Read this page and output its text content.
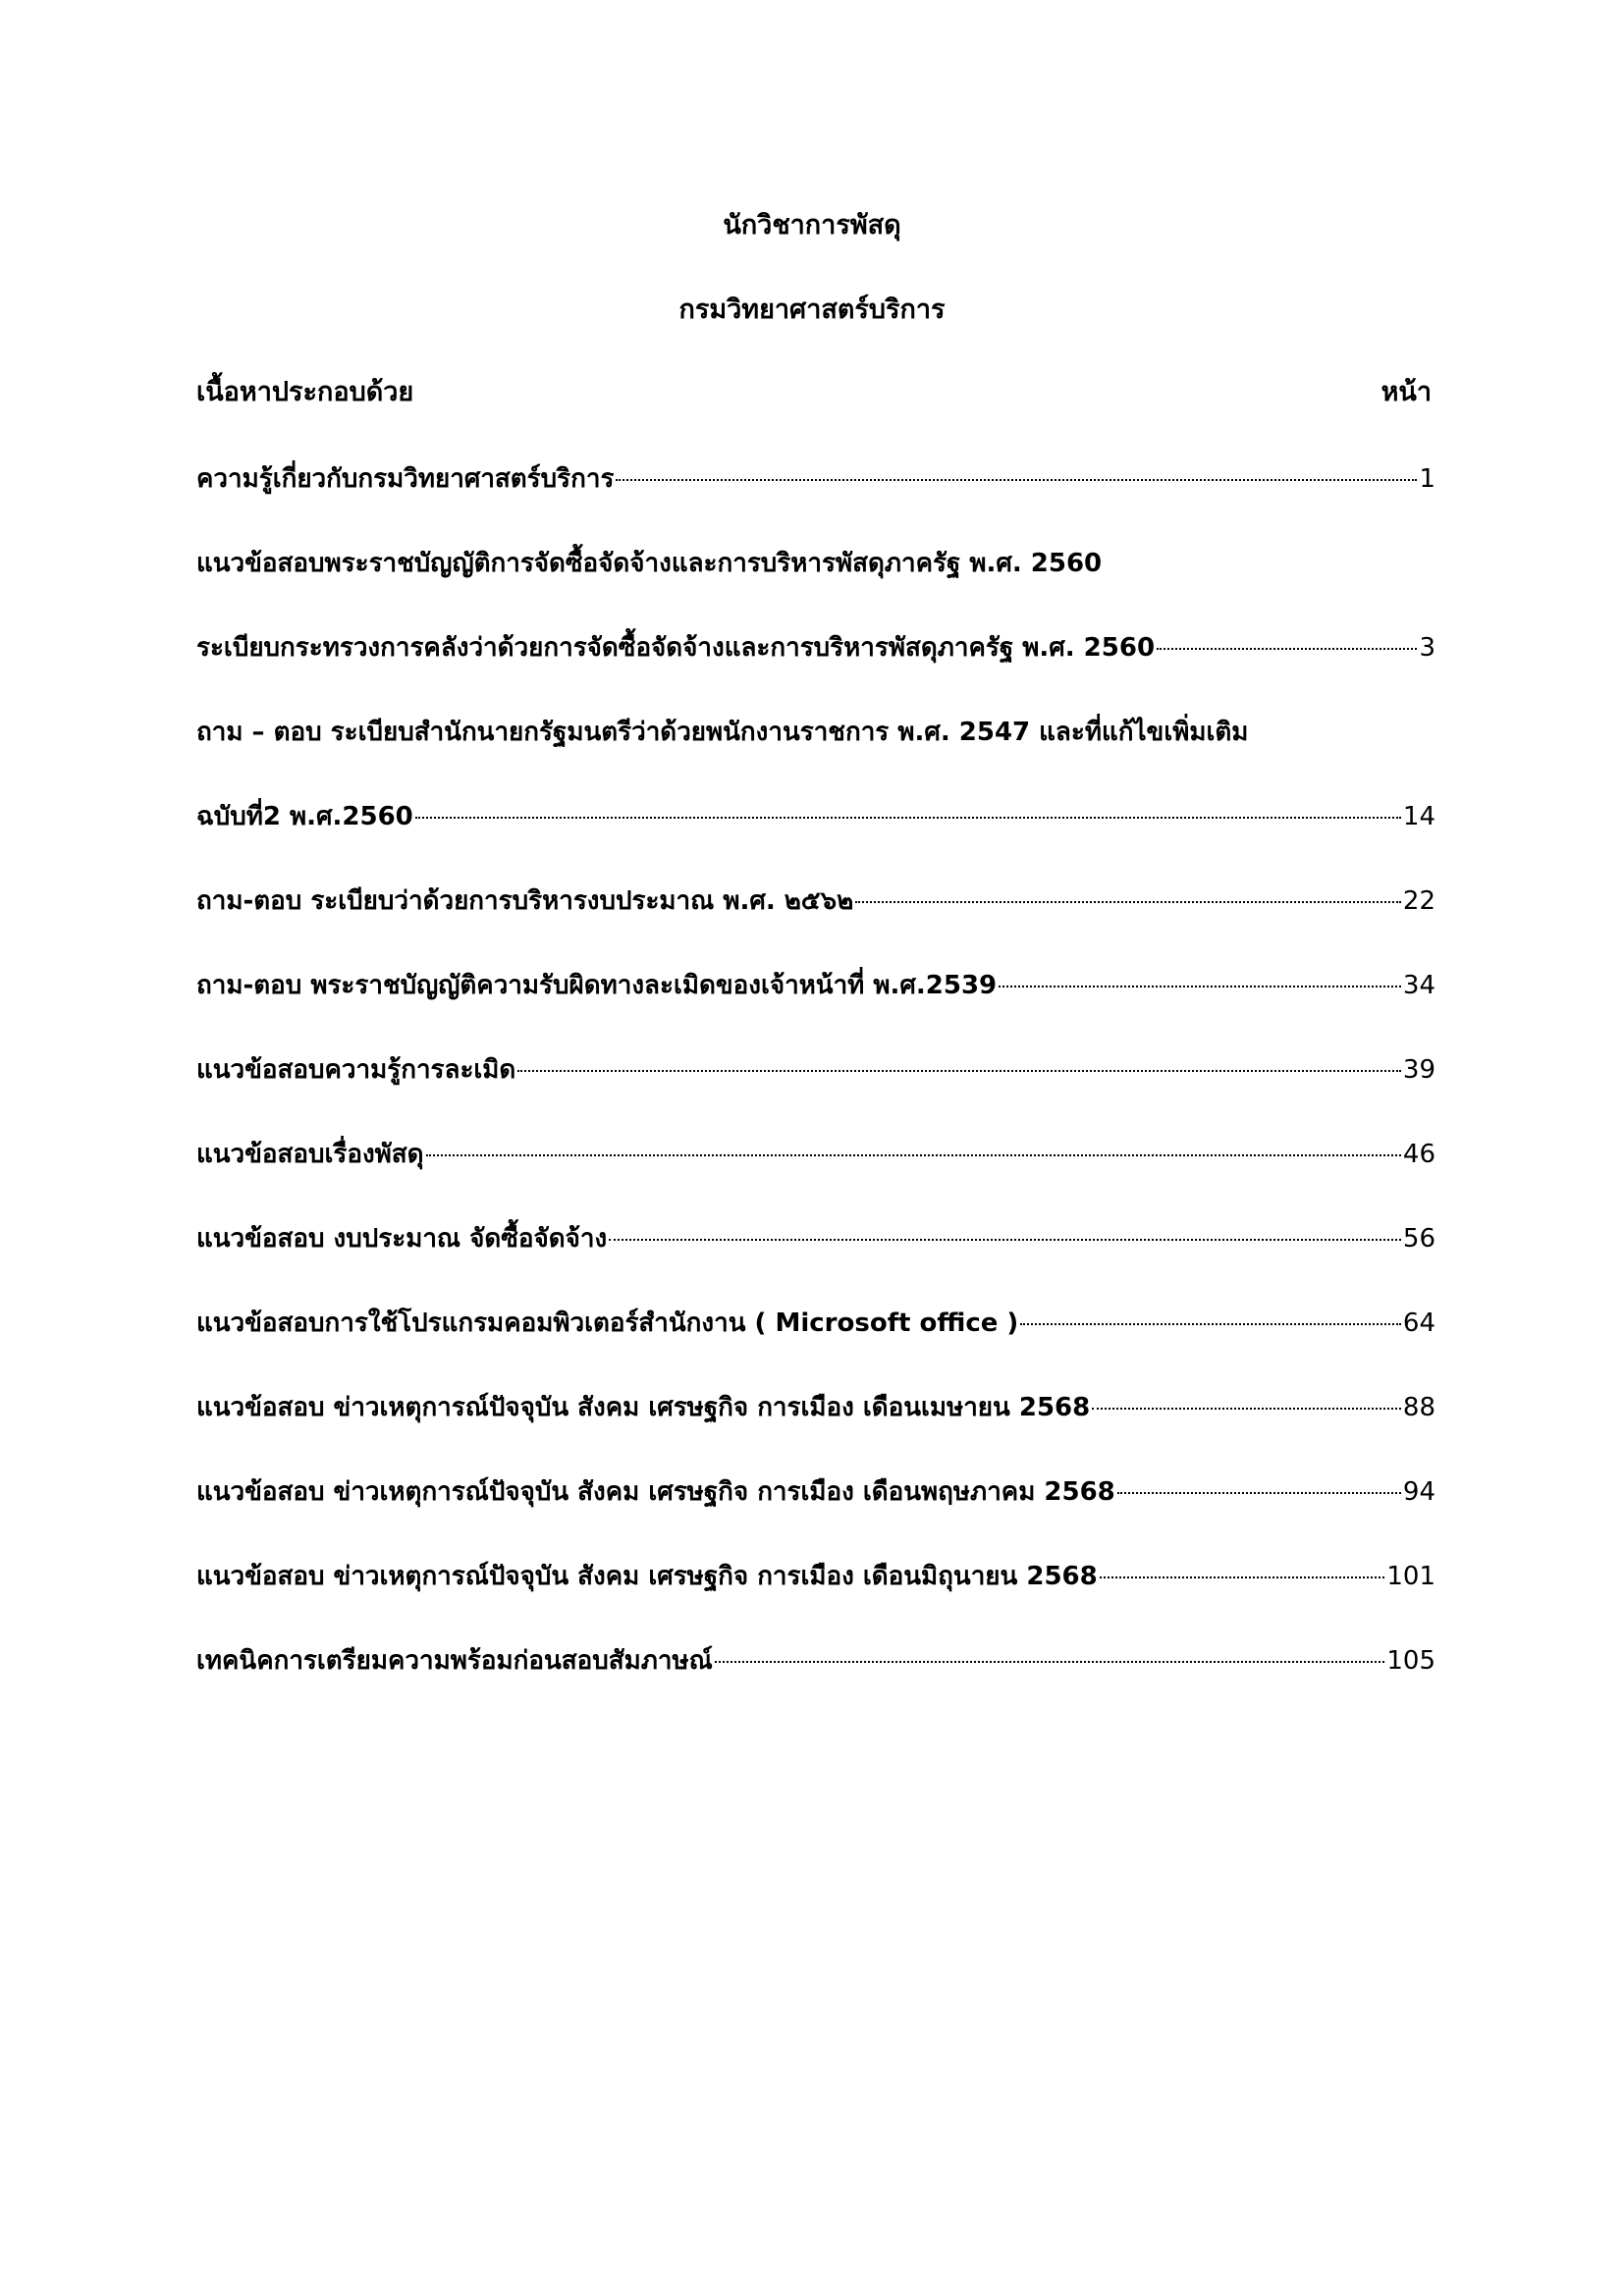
นักวิชาการพัสดุ
กรมวิทยาศาสตร์บริการ
เนื้อหาประกอบด้วย	หน้า
ความรู้เกี่ยวกับกรมวิทยาศาสตร์บริการ	1
แนวข้อสอบพระราชบัญญัติการจัดซื้อจัดจ้างและการบริหารพัสดุภาครัฐ พ.ศ. 2560
ระเบียบกระทรวงการคลังว่าด้วยการจัดซื้อจัดจ้างและการบริหารพัสดุภาครัฐ พ.ศ. 2560	3
ถาม – ตอบ ระเบียบสำนักนายกรัฐมนตรีว่าด้วยพนักงานราชการ พ.ศ. 2547 และที่แก้ไขเพิ่มเติม
ฉบับที่2 พ.ศ.2560	14
ถาม-ตอบ ระเบียบว่าด้วยการบริหารงบประมาณ พ.ศ. ๒๕๖๒	22
ถาม-ตอบ พระราชบัญญัติความรับผิดทางละเมิดของเจ้าหน้าที่ พ.ศ.2539	34
แนวข้อสอบความรู้การละเมิด	39
แนวข้อสอบเรื่องพัสดุ	46
แนวข้อสอบ งบประมาณ จัดซื้อจัดจ้าง	56
แนวข้อสอบการใช้โปรแกรมคอมพิวเตอร์สำนักงาน ( Microsoft office )	64
แนวข้อสอบ ข่าวเหตุการณ์ปัจจุบัน สังคม เศรษฐกิจ การเมือง เดือนเมษายน 2568	88
แนวข้อสอบ ข่าวเหตุการณ์ปัจจุบัน สังคม เศรษฐกิจ การเมือง เดือนพฤษภาคม 2568	94
แนวข้อสอบ ข่าวเหตุการณ์ปัจจุบัน สังคม เศรษฐกิจ การเมือง เดือนมิถุนายน 2568	101
เทคนิคการเตรียมความพร้อมก่อนสอบสัมภาษณ์	105
